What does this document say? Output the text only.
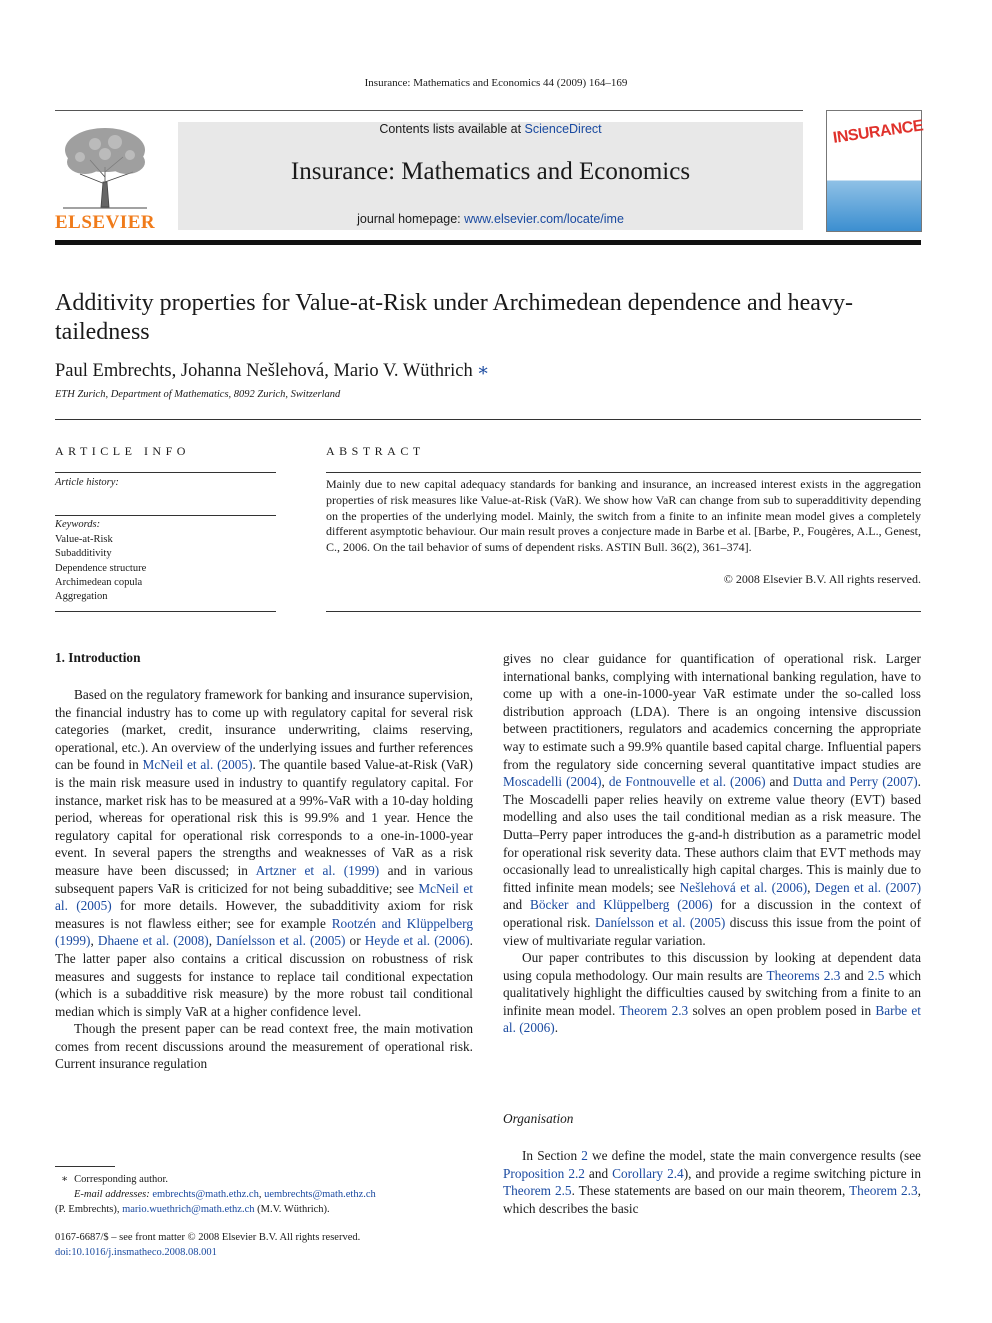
Insurance: Mathematics and Economics 44 (2009) 164–169
ELSEVIER
Contents lists available at ScienceDirect
Insurance: Mathematics and Economics
journal homepage: www.elsevier.com/locate/ime
INSURANCE
Additivity properties for Value-at-Risk under Archimedean dependence and heavy-tailedness
Paul Embrechts, Johanna Nešlehová, Mario V. Wüthrich ∗
ETH Zurich, Department of Mathematics, 8092 Zurich, Switzerland
ARTICLE INFO
Article history:
Keywords:
Value-at-Risk
Subadditivity
Dependence structure
Archimedean copula
Aggregation
ABSTRACT
Mainly due to new capital adequacy standards for banking and insurance, an increased interest exists in the aggregation properties of risk measures like Value-at-Risk (VaR). We show how VaR can change from sub to superadditivity depending on the properties of the underlying model. Mainly, the switch from a finite to an infinite mean model gives a completely different asymptotic behaviour. Our main result proves a conjecture made in Barbe et al. [Barbe, P., Fougères, A.L., Genest, C., 2006. On the tail behavior of sums of dependent risks. ASTIN Bull. 36(2), 361–374].
© 2008 Elsevier B.V. All rights reserved.
1. Introduction

Based on the regulatory framework for banking and insurance supervision, the financial industry has to come up with regulatory capital for several risk categories (market, credit, insurance underwriting, claims reserving, operational, etc.). An overview of the underlying issues and further references can be found in McNeil et al. (2005). The quantile based Value-at-Risk (VaR) is the main risk measure used in industry to quantify regulatory capital. For instance, market risk has to be measured at a 99%-VaR with a 10-day holding period, whereas for operational risk this is 99.9% and 1 year. Hence the regulatory capital for operational risk corresponds to a one-in-1000-year event. In several papers the strengths and weaknesses of VaR as a risk measure have been discussed; in Artzner et al. (1999) and in various subsequent papers VaR is criticized for not being subadditive; see McNeil et al. (2005) for more details. However, the subadditivity axiom for risk measures is not flawless either; see for example Rootzén and Klüppelberg (1999), Dhaene et al. (2008), Daníelsson et al. (2005) or Heyde et al. (2006). The latter paper also contains a critical discussion on robustness of risk measures and suggests for instance to replace tail conditional expectation (which is a subadditive risk measure) by the more robust tail conditional median which is simply VaR at a higher confidence level.

Though the present paper can be read context free, the main motivation comes from recent discussions around the measurement of operational risk. Current insurance regulation

gives no clear guidance for quantification of operational risk. Larger international banks, complying with international banking regulation, have to come up with a one-in-1000-year VaR estimate under the so-called loss distribution approach (LDA). There is an ongoing intensive discussion between practitioners, regulators and academics concerning the appropriate way to estimate such a 99.9% quantile based capital charge. Influential papers from the regulatory side concerning several quantitative impact studies are Moscadelli (2004), de Fontnouvelle et al. (2006) and Dutta and Perry (2007). The Moscadelli paper relies heavily on extreme value theory (EVT) based modelling and also uses the tail conditional median as a risk measure. The Dutta–Perry paper introduces the g-and-h distribution as a parametric model for operational risk severity data. These authors claim that EVT methods may occasionally lead to unrealistically high capital charges. This is mainly due to fitted infinite mean models; see Nešlehová et al. (2006), Degen et al. (2007) and Böcker and Klüppelberg (2006) for a discussion in the context of operational risk. Daníelsson et al. (2005) discuss this issue from the point of view of multivariate regular variation.

Our paper contributes to this discussion by looking at dependent data using copula methodology. Our main results are Theorems 2.3 and 2.5 which qualitatively highlight the difficulties caused by switching from a finite to an infinite mean model. Theorem 2.3 solves an open problem posed in Barbe et al. (2006).

Organisation

In Section 2 we define the model, state the main convergence results (see Proposition 2.2 and Corollary 2.4), and provide a regime switching picture in Theorem 2.5. These statements are based on our main theorem, Theorem 2.3, which describes the basic

∗ Corresponding author.
E-mail addresses: embrechts@math.ethz.ch, uembrechts@math.ethz.ch
(P. Embrechts), mario.wuethrich@math.ethz.ch (M.V. Wüthrich).
0167-6687/$ – see front matter © 2008 Elsevier B.V. All rights reserved.
doi:10.1016/j.insmatheco.2008.08.001
